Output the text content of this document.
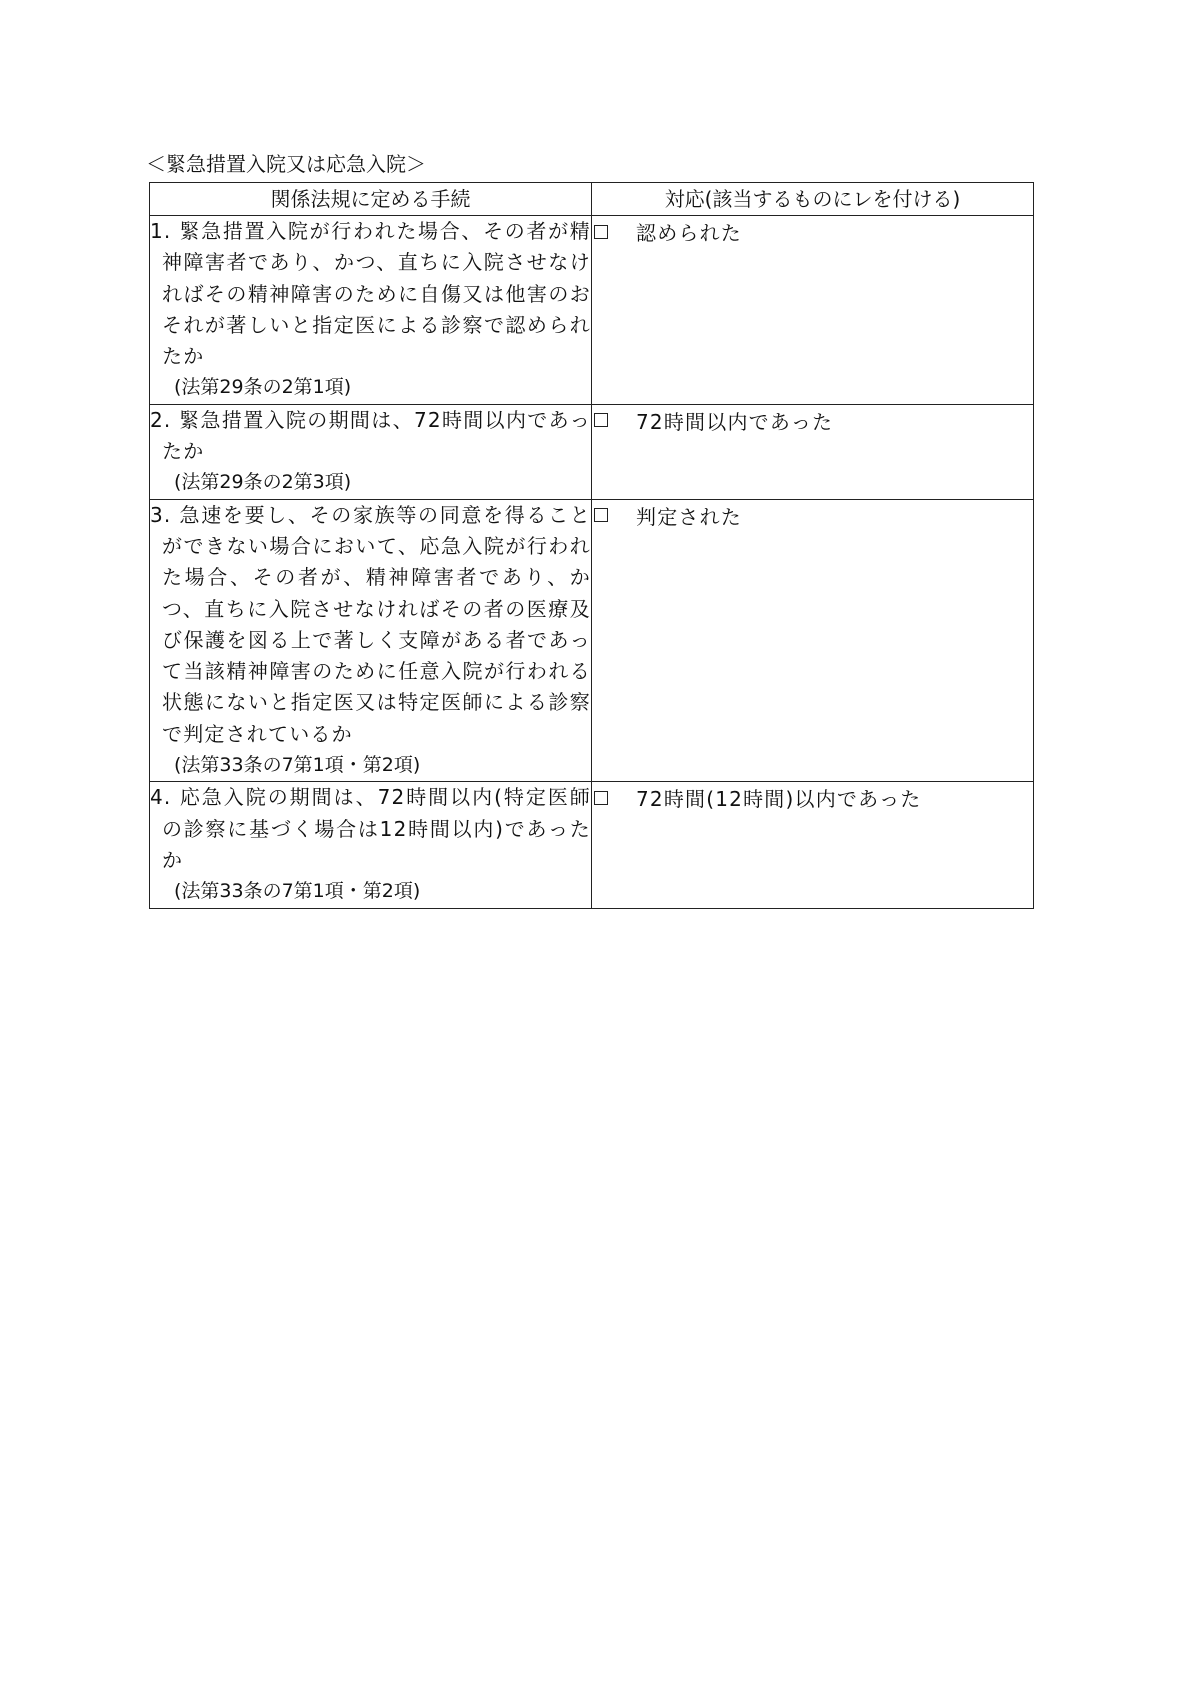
＜緊急措置入院又は応急入院＞
関係法規に定める手続	対応(該当するものにレを付ける)

1. 緊急措置入院が行われた場合、その者が精神障害者であり、かつ、直ちに入院させなければその精神障害のために自傷又は他害のおそれが著しいと指定医による診察で認められたか
(法第29条の2第1項)	認められた

2. 緊急措置入院の期間は、72時間以内であったか
(法第29条の2第3項)	72時間以内であった

3. 急速を要し、その家族等の同意を得ることができない場合において、応急入院が行われた場合、その者が、精神障害者であり、かつ、直ちに入院させなければその者の医療及び保護を図る上で著しく支障がある者であって当該精神障害のために任意入院が行われる状態にないと指定医又は特定医師による診察で判定されているか
(法第33条の7第1項・第2項)	判定された

4. 応急入院の期間は、72時間以内(特定医師の診察に基づく場合は12時間以内)であったか
(法第33条の7第1項・第2項)	72時間(12時間)以内であった
